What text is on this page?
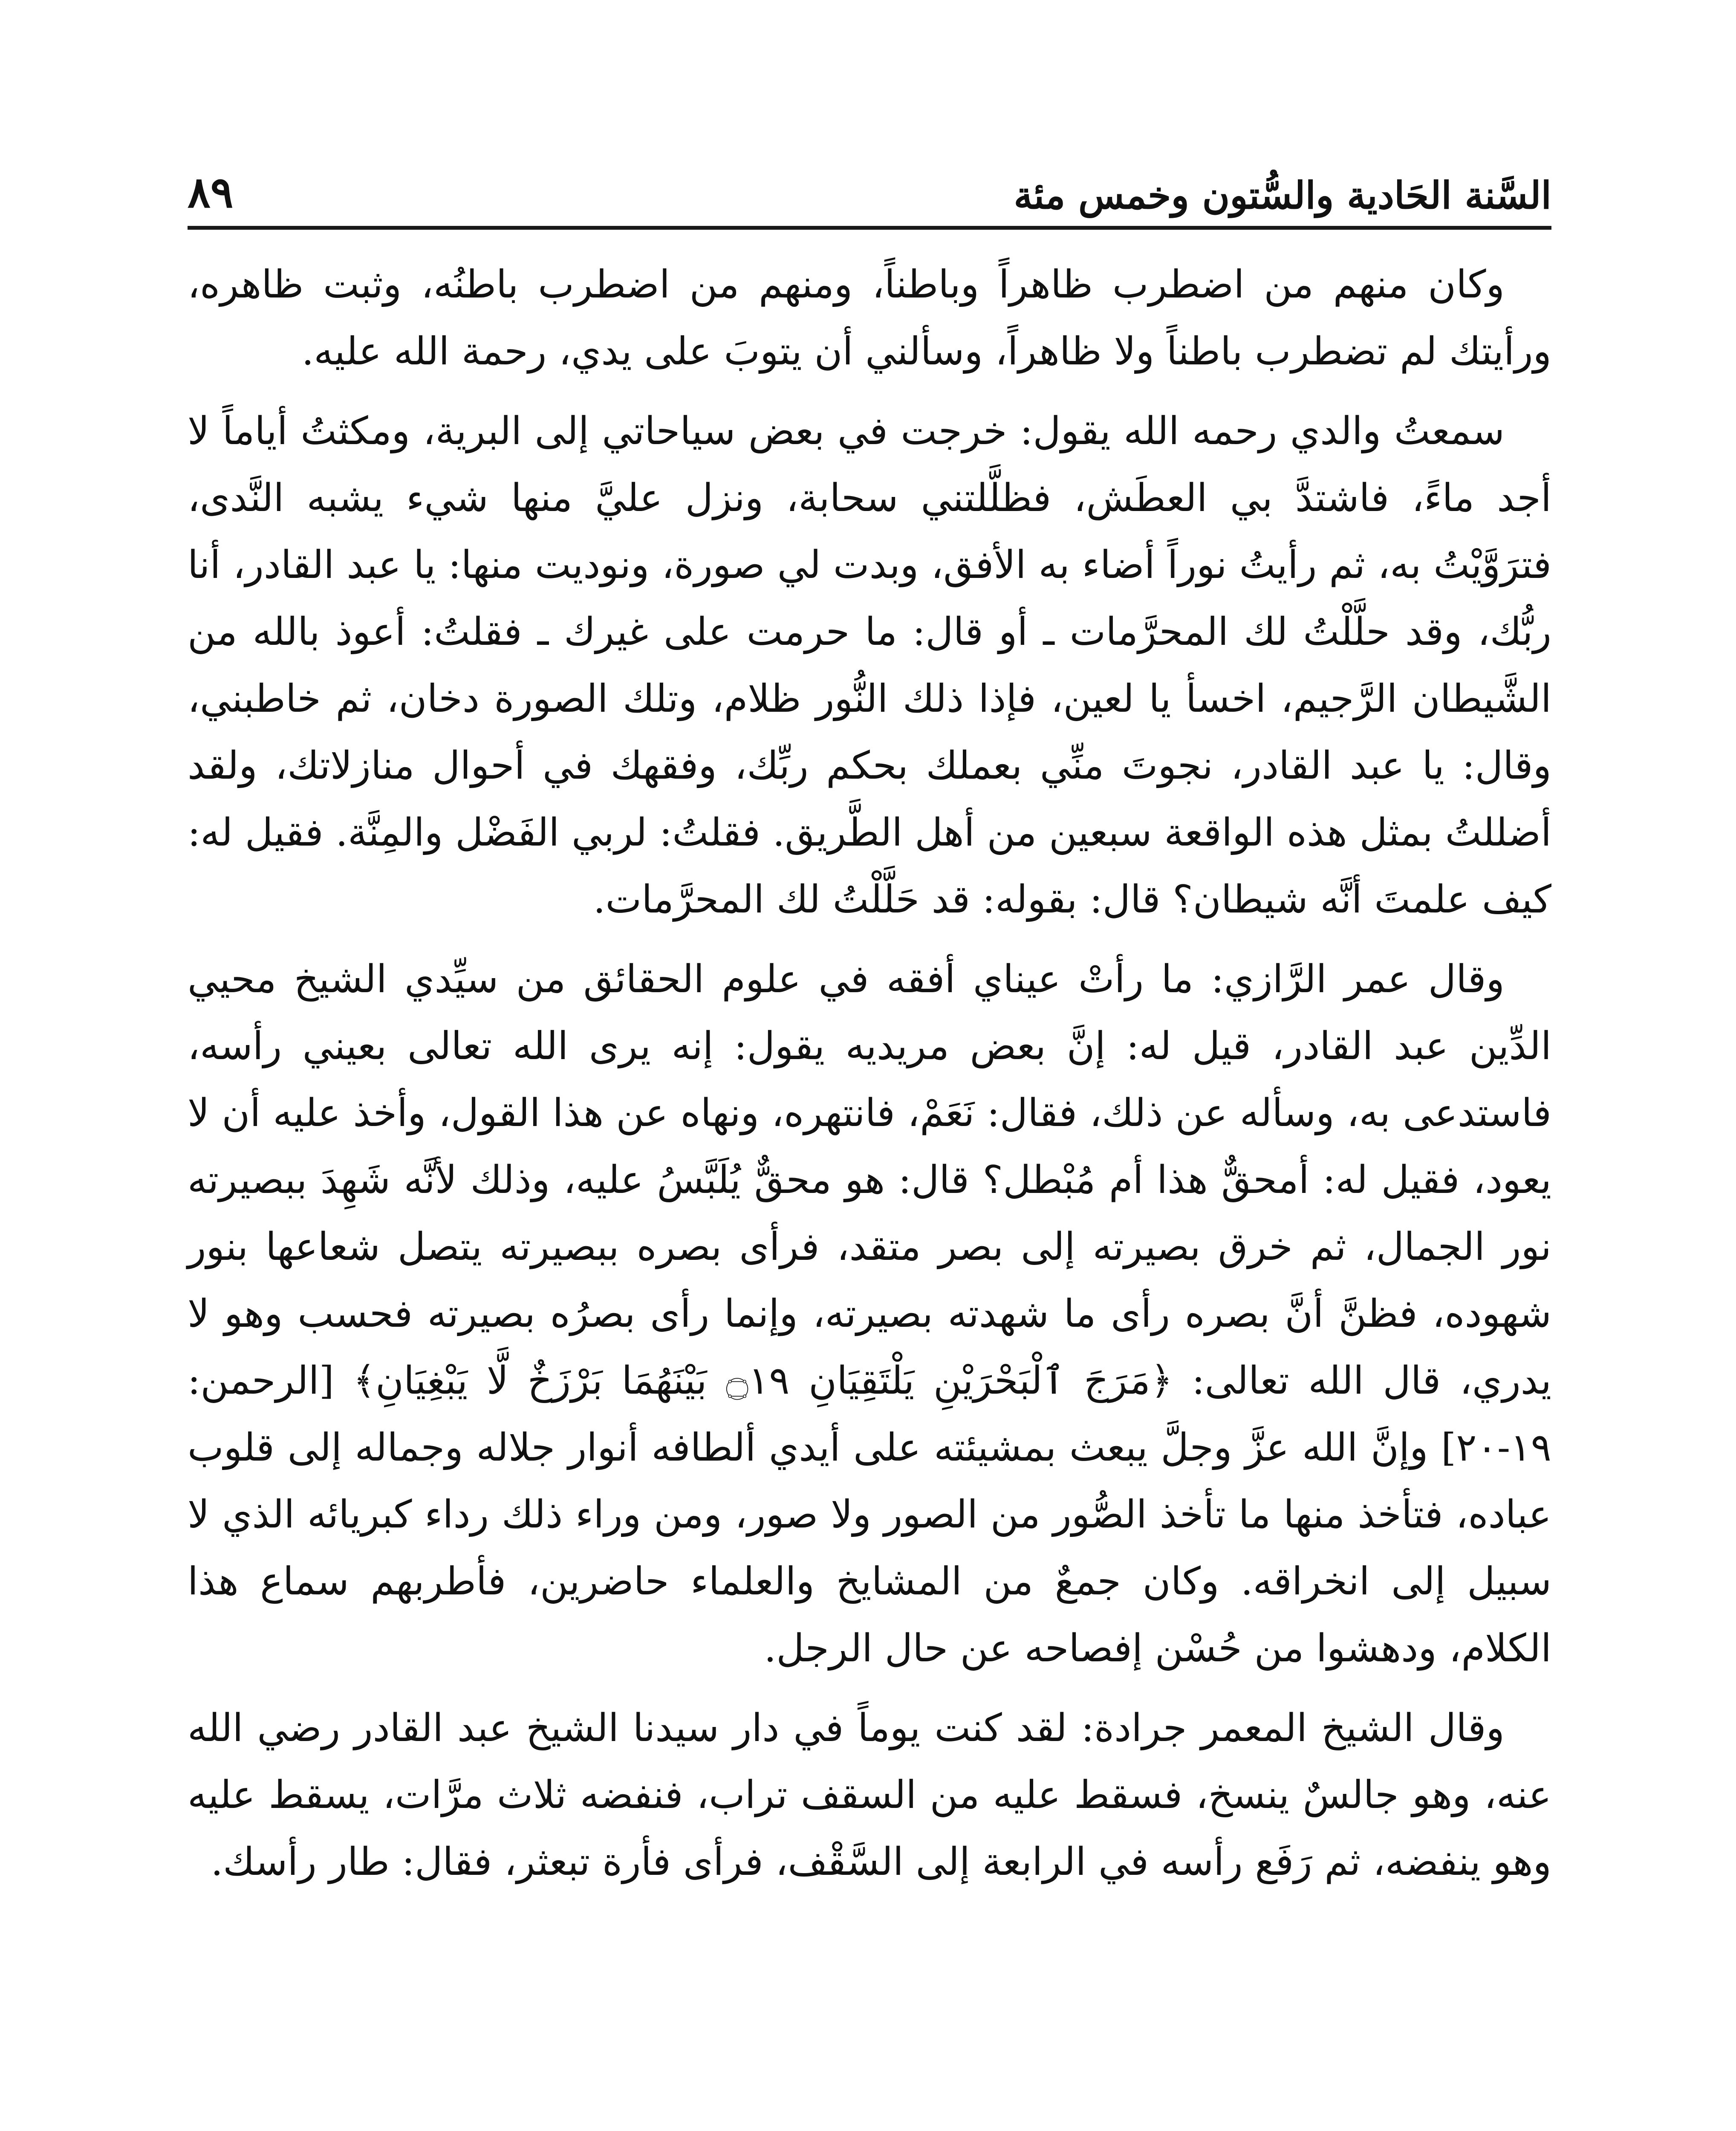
السَّنة الحَادية والسُّتون وخمس مئة
٨٩

وكان منهم من اضطرب ظاهراً وباطناً، ومنهم من اضطرب باطنُه، وثبت ظاهره، ورأيتك لم تضطرب باطناً ولا ظاهراً، وسألني أن يتوبَ على يدي، رحمة الله عليه.

سمعتُ والدي رحمه الله يقول: خرجت في بعض سياحاتي إلى البرية، ومكثتُ أياماً لا أجد ماءً، فاشتدَّ بي العطَش، فظلَّلتني سحابة، ونزل عليَّ منها شيء يشبه النَّدى، فترَوَّيْتُ به، ثم رأيتُ نوراً أضاء به الأفق، وبدت لي صورة، ونوديت منها: يا عبد القادر، أنا ربُّك، وقد حلَّلْتُ لك المحرَّمات ـ أو قال: ما حرمت على غيرك ـ فقلتُ: أعوذ بالله من الشَّيطان الرَّجيم، اخسأ يا لعين، فإذا ذلك النُّور ظلام، وتلك الصورة دخان، ثم خاطبني، وقال: يا عبد القادر، نجوتَ منِّي بعملك بحكم ربِّك، وفقهك في أحوال منازلاتك، ولقد أضللتُ بمثل هذه الواقعة سبعين من أهل الطَّريق. فقلتُ: لربي الفَضْل والمِنَّة. فقيل له: كيف علمتَ أنَّه شيطان؟ قال: بقوله: قد حَلَّلْتُ لك المحرَّمات.

وقال عمر الرَّازي: ما رأتْ عيناي أفقه في علوم الحقائق من سيِّدي الشيخ محيي الدِّين عبد القادر، قيل له: إنَّ بعض مريديه يقول: إنه يرى الله تعالى بعيني رأسه، فاستدعى به، وسأله عن ذلك، فقال: نَعَمْ، فانتهره، ونهاه عن هذا القول، وأخذ عليه أن لا يعود، فقيل له: أمحقٌّ هذا أم مُبْطل؟ قال: هو محقٌّ يُلَبَّسُ عليه، وذلك لأنَّه شَهِدَ ببصيرته نور الجمال، ثم خرق بصيرته إلى بصر متقد، فرأى بصره ببصيرته يتصل شعاعها بنور شهوده، فظنَّ أنَّ بصره رأى ما شهدته بصيرته، وإنما رأى بصرُه بصيرته فحسب وهو لا يدري، قال الله تعالى: ﴿مَرَجَ ٱلْبَحْرَيْنِ يَلْتَقِيَانِ ۝١٩ بَيْنَهُمَا بَرْزَخٌ لَّا يَبْغِيَانِ﴾ [الرحمن: ١٩-٢٠] وإنَّ الله عزَّ وجلَّ يبعث بمشيئته على أيدي ألطافه أنوار جلاله وجماله إلى قلوب عباده، فتأخذ منها ما تأخذ الصُّور من الصور ولا صور، ومن وراء ذلك رداء كبريائه الذي لا سبيل إلى انخراقه. وكان جمعٌ من المشايخ والعلماء حاضرين، فأطربهم سماع هذا الكلام، ودهشوا من حُسْن إفصاحه عن حال الرجل.

وقال الشيخ المعمر جرادة: لقد كنت يوماً في دار سيدنا الشيخ عبد القادر رضي الله عنه، وهو جالسٌ ينسخ، فسقط عليه من السقف تراب، فنفضه ثلاث مرَّات، يسقط عليه وهو ينفضه، ثم رَفَع رأسه في الرابعة إلى السَّقْف، فرأى فأرة تبعثر، فقال: طار رأسك.
